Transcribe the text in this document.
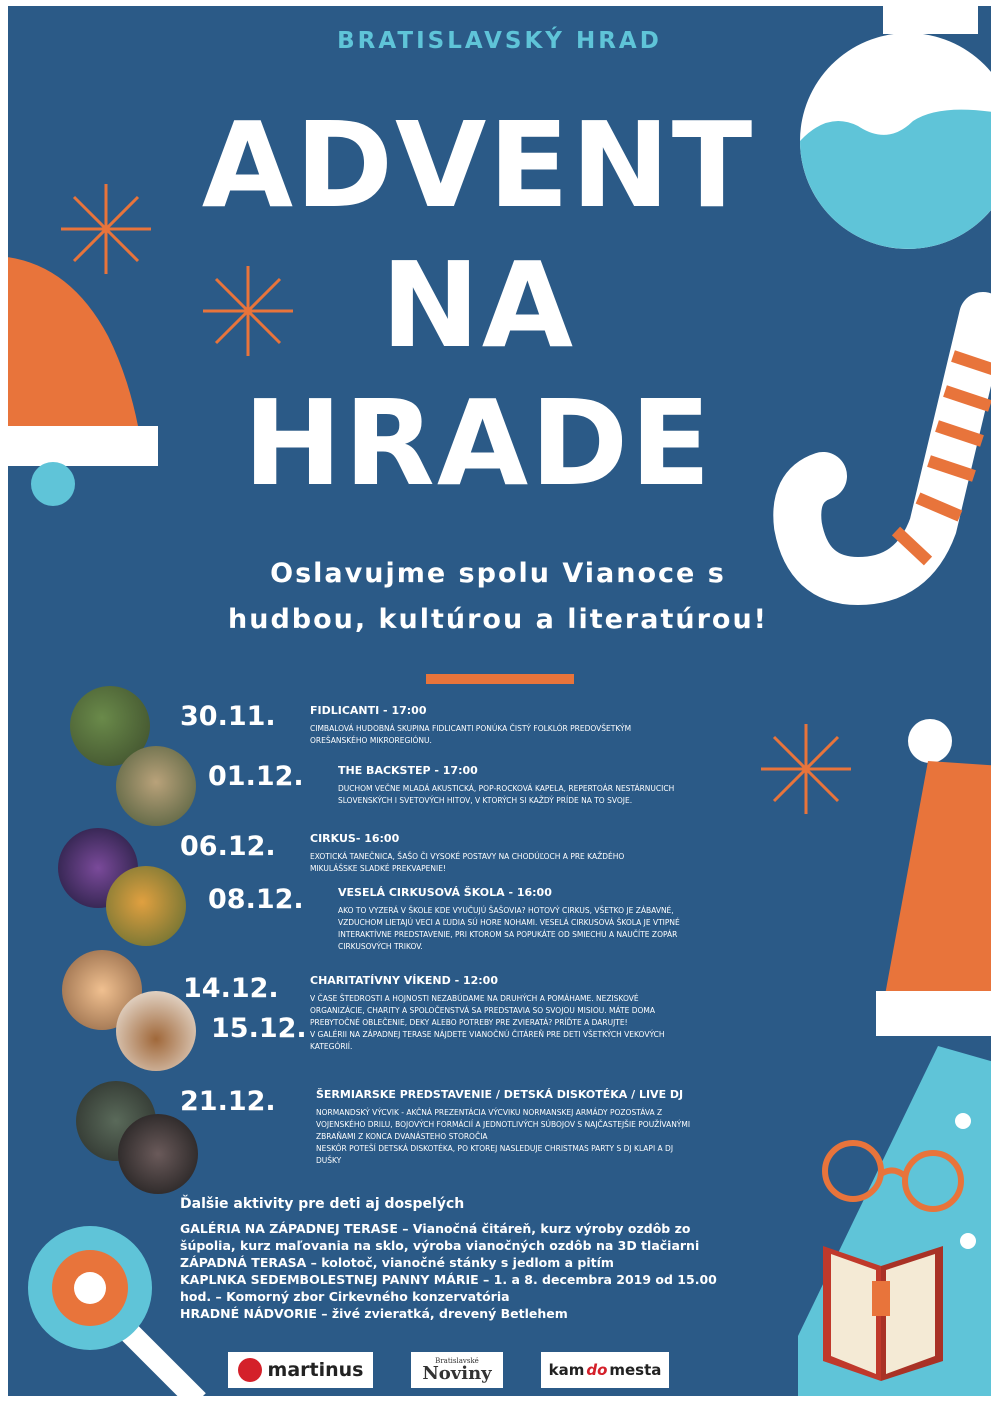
BRATISLAVSKÝ HRAD
ADVENT
NA
HRADE
Oslavujme spolu Vianoce s
hudbou, kultúrou a literatúrou!
30.11.
01.12.
06.12.
08.12.
14.12.
15.12.
21.12.
FIDLICANTI - 17:00

CIMBALOVÁ HUDOBNÁ SKUPINA FIDLICANTI PONÚKA ČISTÝ FOLKLÓR PREDOVŠETKÝM OREŠANSKÉHO MIKROREGIÓNU.

THE BACKSTEP - 17:00

DUCHOM VEČNE MLADÁ AKUSTICKÁ, POP-ROCKOVÁ KAPELA, REPERTOÁR NESTÁRNUCICH SLOVENSKÝCH I SVETOVÝCH HITOV, V KTORÝCH SI KAŽDÝ PRÍDE NA TO SVOJE.

CIRKUS- 16:00

EXOTICKÁ TANEČNICA, ŠAŠO ČI VYSOKÉ POSTAVY NA CHODÚĽOCH A PRE KAŽDÉHO MIKULÁŠSKE SLADKÉ PREKVAPENIE!

VESELÁ CIRKUSOVÁ ŠKOLA - 16:00

AKO TO VYZERÁ V ŠKOLE KDE VYUČUJÚ ŠAŠOVIA? HOTOVÝ CIRKUS, VŠETKO JE ZÁBAVNÉ, VZDUCHOM LIETAJÚ VECI A ĽUDIA SÚ HORE NOHAMI. VESELÁ CIRKUSOVÁ ŠKOLA JE VTIPNÉ INTERAKTÍVNE PREDSTAVENIE, PRI KTOROM SA POPUKÁTE OD SMIECHU A NAUČÍTE ZOPÁR CIRKUSOVÝCH TRIKOV.

CHARITATÍVNY VÍKEND - 12:00

V ČASE ŠTEDROSTI A HOJNOSTI NEZABÚDAME NA DRUHÝCH A POMÁHAME. NEZISKOVÉ ORGANIZÁCIE, CHARITY A SPOLOČENSTVÁ SA PREDSTAVIA SO SVOJOU MISIOU. MÁTE DOMA PREBYTOČNÉ OBLEČENIE, DEKY ALEBO POTREBY PRE ZVIERATÁ? PRÍĎTE A DARUJTE!

V GALÉRII NA ZÁPADNEJ TERASE NÁJDETE VIANOČNÚ ČITÁREŇ PRE DETI VŠETKÝCH VEKOVÝCH KATEGÓRIÍ.

ŠERMIARSKE PREDSTAVENIE / DETSKÁ DISKOTÉKA / LIVE DJ

NORMANDSKÝ VÝCVIK - AKČNÁ PREZENTÁCIA VÝCVIKU NORMANSKEJ ARMÁDY POZOSTÁVA Z VOJENSKÉHO DRILU, BOJOVÝCH FORMÁCIÍ A JEDNOTLIVÝCH SÚBOJOV S NAJČASTEJŠIE POUŽÍVANÝMI ZBRAŇAMI Z KONCA DVANÁSTEHO STOROČIA

NESKÔR POTEŠÍ DETSKÁ DISKOTÉKA, PO KTOREJ NASLEDUJE CHRISTMAS PARTY S DJ KLAPI A DJ DUŠKY

Ďalšie aktivity pre deti aj dospelých

GALÉRIA NA ZÁPADNEJ TERASE – Vianočná čitáreň, kurz výroby ozdôb zo šúpolia, kurz maľovania na sklo, výroba vianočných ozdôb na 3D tlačiarni

ZÁPADNÁ TERASA – kolotoč, vianočné stánky s jedlom a pitím

KAPLNKA SEDEMBOLESTNEJ PANNY MÁRIE – 1. a 8. decembra 2019 od 15.00 hod. – Komorný zbor Cirkevného konzervatória

HRADNÉ NÁDVORIE – živé zvieratká, drevený Betlehem

martinus	Bratislavské
Noviny	kam do mesta
